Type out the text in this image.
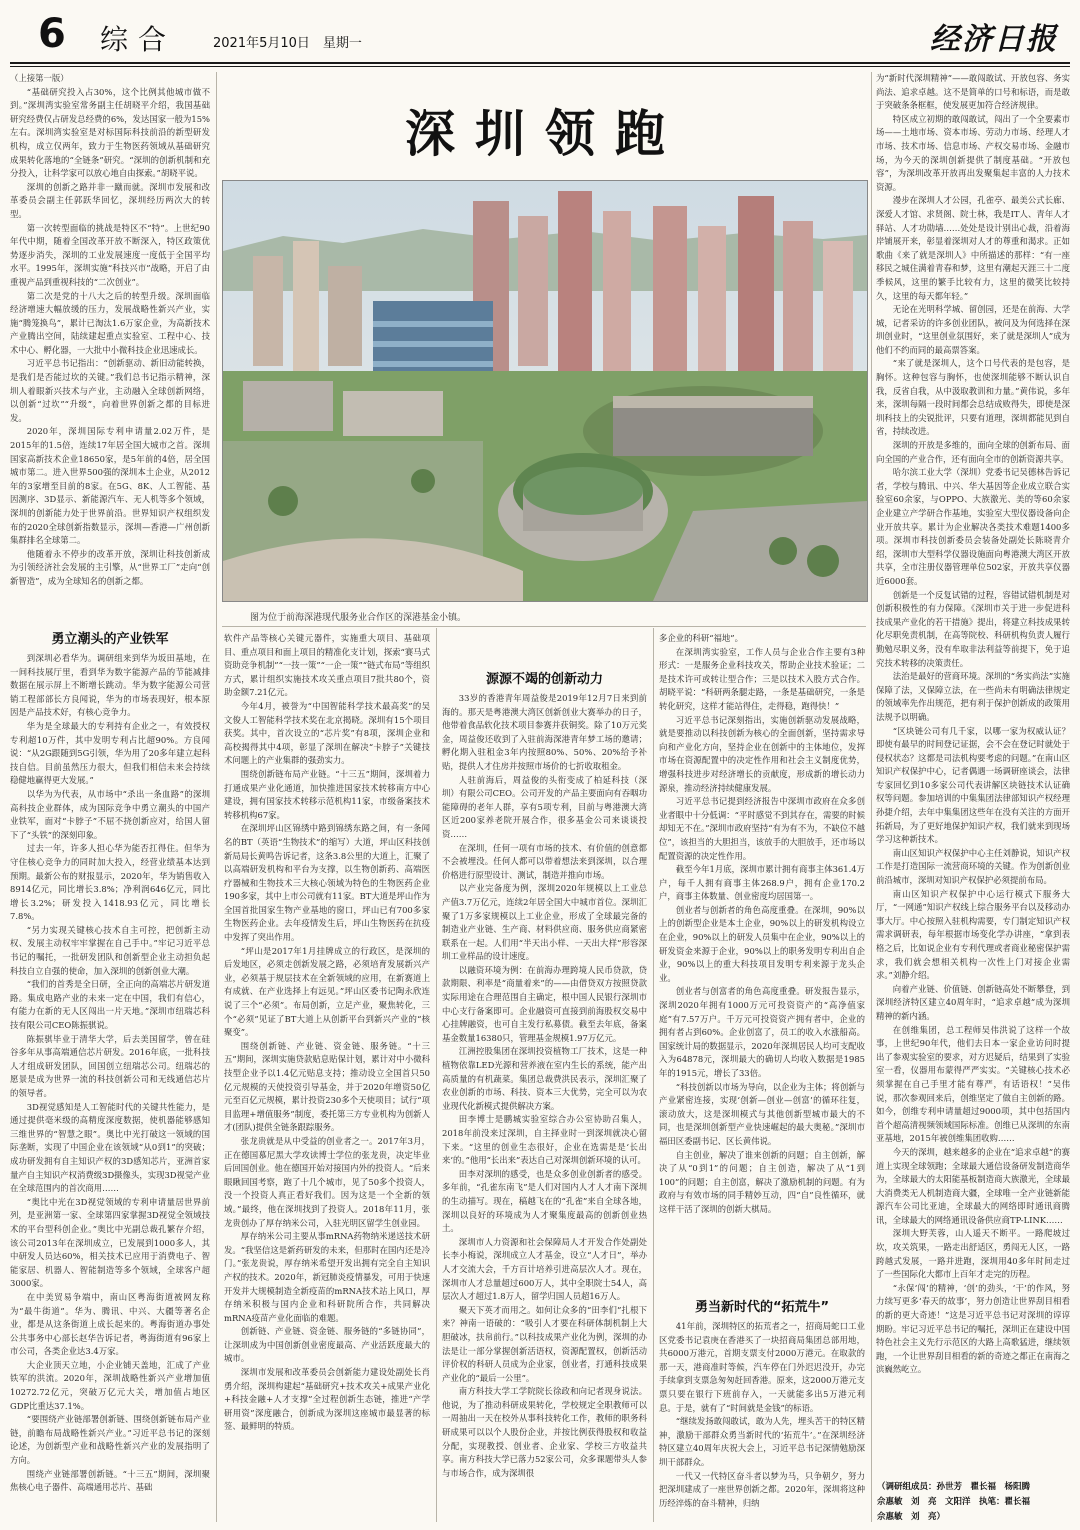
6 综合	2021年5月10日　星期一	经济日报
深圳领跑
图为位于前海深港现代服务业合作区的深港基金小镇。

（上接第一版）

“基础研究投入占30%，这个比例其他城市做不到。”深圳湾实验室常务副主任胡晓平介绍，我国基础研究经费仅占研发总经费的6%，发达国家一般为15%左右。深圳湾实验室是对标国际科技前沿的新型研发机构，成立仅两年，致力于生物医药领域从基础研究成果转化落地的“全链条”研究。“深圳的创新机制和充分投入，让科学家可以放心地自由探索。”胡晓平说。

深圳的创新之路并非一蹴而就。深圳市发展和改革委员会副主任郭跃华回忆，深圳经历两次大的转型。

第一次转型面临的挑战是特区不“特”。上世纪90年代中期，随着全国改革开放不断深入，特区政策优势逐步消失，深圳的工业发展速度一度低于全国平均水平。1995年，深圳实施“科技兴市”战略，开启了由重视产品到重视科技的“二次创业”。

第二次是党的十八大之后的转型升级。深圳面临经济增速大幅放缓的压力，发展战略性新兴产业，实施“腾笼换鸟”，累计已淘汰1.6万家企业，为高新技术产业腾出空间，陆续建起重点实验室、工程中心、技术中心、孵化器，一大批中小微科技企业迅速成长。

习近平总书记指出：“创新驱动、新旧动能转换，是我们是否能过坎的关键。”我们总书记指示精神，深圳人着眼新兴技术与产业，主动融入全球创新网络，以创新“过坎”“升级”，向着世界创新之都的目标进发。

2020年，深圳国际专利申请量2.02万件，是2015年的1.5倍，连续17年居全国大城市之首。深圳国家高新技术企业18650家，是5年前的4倍，居全国城市第二。进入世界500强的深圳本土企业，从2012年的3家增至目前的8家。在5G、8K、人工智能、基因测序、3D显示、新能源汽车、无人机等多个领域，深圳的创新能力处于世界前沿。世界知识产权组织发布的2020全球创新指数显示，深圳—香港—广州创新集群排名全球第二。

他随着永不停步的改革开放，深圳让科技创新成为引领经济社会发展的主引擎，从“世界工厂”走向“创新智造”，成为全球知名的创新之都。

为“新时代深圳精神”——敢闯敢试、开放包容、务实尚法、追求卓越。这不是简单的口号和标语，而是敢于突破条条框框，使发展更加符合经济规律。

特区成立初期的敢闯敢试，闯出了一个全要素市场——土地市场、资本市场、劳动力市场、经理人才市场、技术市场、信息市场、产权交易市场、金融市场，为今天的深圳创新提供了制度基础。“开放包容”，为深圳改革开放再出发聚集起丰富的人力技术资源。

漫步在深圳人才公园，孔雀亭、最美公式长廊、深爱人才馆、求贤阁、院士林，我是IT人、青年人才驿站、人才功勋墙……处处是设计别出心裁，沿着海岸铺展开来，彰显着深圳对人才的尊重和渴求。正如歌曲《来了就是深圳人》中所描述的那样：“有一座移民之城住满着青春和梦，这里有潮起天涯三十二度季候风，这里的繁手比较有力，这里的微笑比较持久，这里的每天都年轻。”

无论在光明科学城、留创园，还是在前海、大学城，记者采访的许多创业团队，被问及为何选择在深圳创业时，“这里创业氛围好，来了就是深圳人”成为他们不约而同的最高票答案。

“来了就是深圳人，这个口号代表的是包容，是胸怀。这种包容与胸怀，也使深圳能够不断认识自我，反省自我，从中汲取教训和力量。”黄伟说，多年来，深圳每隔一段时间都会总结成败得失，即使是深圳科技上的尖锐批评，只要有道理，深圳都能见到自省，持续改进。

深圳的开放是多维的，面向全球的创新布局、面向全国的产业合作，还有面向全市的创新资源共享。

哈尔滨工业大学（深圳）党委书记吴德林告诉记者，学校与腾讯、中兴、华大基因等企业成立联合实验室60余家，与OPPO、大族激光、美的等60余家企业建立产学研合作基地，实验室大型仪器设备向企业开放共享。累计为企业解决各类技术难题1400多项。深圳市科技创新委员会装备处副处长陈晓青介绍，深圳市大型科学仪器设施面向粤港澳大湾区开放共享，全市注册仪器管理单位502家，开放共享仪器近6000套。

创新是一个反复试错的过程，容错试错机制是对创新积极性的有力保障。《深圳市关于进一步促进科技成果产业化的若干措施》提出，将建立科技成果转化尽职免责机制，在高等院校、科研机构负责人履行勤勉尽职义务，没有牟取非法利益等前提下，免于追究技术转移的决策责任。

法治是最好的营商环境。深圳的“务实尚法”实施保障了法，又保障立法，在一些尚未有明确法律规定的领域率先作出规范，把有利于保护创新成的政策用法规予以明确。

“区块链公司有几千家，以哪一家为权威认证？即使有最早的时间登记证据，会不会在登记时就处于侵权状态？这都是司法机构要考虑的问题。”在南山区知识产权保护中心，记者偶遇一场调研座谈会，法律专家回忆到10多家公司代表讲解区块链技术认证确权等问题。参加培训的中集集团法律部知识产权经理孙捷介绍，去年中集集团这些年在没有关注的方面开拓新局，为了更好地保护知识产权，我们就来到现场学习这种新技术。

南山区知识产权保护中心主任刘静说，知识产权工作是打造国际一流营商环境的关键。作为创新创业前沿城市，深圳对知识产权保护必须提前布局。

南山区知识产权保护中心运行模式下服务大厅，“一网通”知识产权线上综合服务平台以及移动办事大厅。中心按照入驻机构需要，专门制定知识产权需求调研表，每年根据市场变化学办讲座，“拿到表格之后，比如说企业有专利代理或者商业秘密保护需求，我们就会想相关机构一次性上门对接企业需求。”刘静介绍。

向着产业链、价值链、创新链高处不断攀登，到深圳经济特区建立40周年时，“追求卓越”成为深圳精神的新内涵。

在创维集团，总工程师吴伟洪说了这样一个故事，上世纪90年代，他们去日本一家企业访问时提出了参观实验室的要求，对方迟疑后，结果到了实验室一看，仪器用布蒙得严严实实。“关键核心技术必须掌握在自己手里才能有尊严，有话语权！”吴伟说，那次参观回来后，创维坚定了做自主创新的路。如今，创维专利申请量超过9000项，其中包括国内首个超高清视频领域国际标准。创维已从深圳的东南亚基地，2015年被创维集团收购……

今天的深圳，越来越多的企业在“追求卓越”的赛道上实现全球领跑；全球最大通信设备研发制造商华为，全球最大的太阳能基板制造商大族激光，全球最大消费类无人机制造商大疆，全球唯一全产业链新能源汽车公司比亚迪，全球最大的网络即时通讯商腾讯，全球最大的网络通讯设备供应商TP-LINK……

深圳大野芙蓉，山人遥天不断平。一路爬坡过坎，攻关筑果，一路走出舒适区，勇闯无人区，一路跨越式发展，一路并进跑，深圳用40多年时间走过了一些国际化大都市上百年才走完的历程。

“永保‘闯’的精神，‘创’的劲头，‘干’的作风，努力续写更多‘春天的故事’，努力创造让世界刮目相看的新的更大奇迹！”这是习近平总书记对深圳的谆谆期盼。牢记习近平总书记的嘱托，深圳正在建设中国特色社会主义先行示范区的大路上高歌猛进，继续领跑，一个让世界刮目相看的新的奇迹之都正在南海之滨巍然屹立。

勇立潮头的产业铁军

到深圳必看华为。调研组来到华为坂田基地，在一间科技展厅里，看到华为数字能源产品的节能减排数据在展示屏上不断增长跳动。华为数字能源公司营销工程部部长方良闻说，华为的市场表现好，根本原因是产品技术好，有核心竞争力。

华为是全球最大的专利持有企业之一，有效授权专利超10万件，其中发明专利占比超90%。方良闻说：“从2G跟随到5G引领，华为用了20多年建立起科技自信。目前虽然压力很大，但我们相信未来会持续稳健地赢得更大发展。”

以华为为代表，从市场中“杀出一条血路”的深圳高科技企业群体，成为国际竞争中勇立潮头的中国产业铁军，面对“卡脖子”不屈不挠创新应对，给国人留下了“头铁”的深刻印象。

过去一年，许多人担心华为能否扛得住。但华为守住核心竞争力的同时加大投入，经营业绩基本达到预期。最新公布的财报显示，2020年，华为销售收入8914亿元，同比增长3.8%；净利润646亿元，同比增长3.2%；研发投入1418.93亿元，同比增长7.8%。

“另力实现关键核心技术自主可控，把创新主动权、发展主动权牢牢掌握在自己手中。”牢记习近平总书记的嘱托，一批研发团队和创新型企业主动担负起科技自立自强的使命，加入深圳的创新创业大潮。

“我们的首秀是全日研，全正向的高端芯片研发道路。集成电路产业的未来一定在中国，我们有信心，有能力在新的无人区闯出一片天地。”深圳市纽瑞芯科技有限公司CEO陈振骐说。

陈振骐毕业于清华大学，后去美国留学，曾在硅谷多年从事高端通信芯片研发。2016年底，一批科技人才组成研发团队，回国创立纽瑞芯公司。纽瑞芯的愿景是成为世界一流的科技创新公司和无线通信芯片的领导者。

3D视觉感知是人工智能时代的关键共性能力，是通过提供毫米级的高精度深度数据，使机器能够感知三维世界的“智慧之眼”。奥比中光打破这一领域的国际垄断，实现了中国企业在该领域“从0到1”的突破；成功研发拥有自主知识产权的3D感知芯片，亚洲首家量产自主知识产权消费级3D摄像头，实现3D视觉产业在全球范围内的首次商用……

“奥比中光在3D视觉领域的专利申请量居世界前列，是亚洲第一家、全球第四家掌握3D视觉全领域技术的平台型科创企业。”奥比中光副总裁孔繁存介绍，该公司2013年在深圳成立，已发展到1000多人，其中研发人员达60%，相关技术已应用于消费电子、智能家居、机器人、智能制造等多个领域，全球客户超3000家。

在中美贸易争端中，南山区粤海街道被网友称为“最牛街道”。华为、腾讯、中兴、大疆等著名企业，都是从这条街道上成长起来的。粤海街道办事处公共事务中心部长赵华告诉记者，粤海街道有96家上市公司，各类企业达3.4万家。

大企业顶天立地，小企业铺天盖地，汇成了产业铁军的洪流。2020年，深圳战略性新兴产业增加值10272.72亿元，突破万亿元大关，增加值占地区GDP比重达37.1%。

“要围绕产业链部署创新链、围绕创新链布局产业链，前瞻布局战略性新兴产业。”习近平总书记的深刻论述，为创新型产业和战略性新兴产业的发展指明了方向。

围绕产业链部署创新链。“十三五”期间，深圳聚焦核心电子器件、高端通用芯片、基础

软件产品等核心关键元器件，实施重大项目、基础项目、重点项目和面上项目的精准化支计划，探索“赛马式资助竞争机制”“一技一策”“一企一策”“链式布局”等组织方式，累计组织实施技术攻关重点项目7批共80个，资助金额7.21亿元。

今年4月，被誉为“中国智能科学技术最高奖”的吴文俊人工智能科学技术奖在北京揭晓。深圳有15个项目获奖。其中，首次设立的“芯片奖”有8项，深圳企业和高校揭得其中4项，彰显了深圳在解决“卡脖子”关键技术问题上的产业集群的强劲实力。

围绕创新链布局产业链。“十三五”期间，深圳着力打通成果产业化通道，加快推进国家技术转移南方中心建设，拥有国家技术转移示范机构11家，市级备案技术转移机构67家。

在深圳坪山区锦绣中路到锦绣东路之间，有一条闻名的BT（英语“生物技术”的缩写）大道，坪山区科技创新局局长黄鸣告诉记者，这条3.8公里的大道上，汇聚了以高端研发机构和平台为支撑，以生物创新药、高端医疗器械和生物技术三大核心领域为特色的生物医药企业190多家，其中上市公司就有11家。BT大道是坪山作为全国首批国家生物产业基地的窗口，坪山已有700多家生物医药企业。去年疫情发生后，坪山生物医药在抗疫中发挥了突出作用。

“坪山是2017年1月挂牌成立的行政区，是深圳的后发地区，必须走创新发展之路，必须培育发展新兴产业，必须基于规层技术在全新领域的应用，在新赛道上有成就、在产业选择上有远见。”坪山区委书记陶永欣连说了三个“必须”。布局创新，立足产业，聚焦转化，三个“必须”见证了BT大道上从创新平台到新兴产业的“核聚变”。

围绕创新链、产业链、资金链、服务链。“十三五”期间，深圳实施贷款贴息贴保计划，累计对中小微科技型企业予以1.4亿元贴息支持；推动设立全国首只50亿元规模的天使投资引导基金，并于2020年增资50亿元至百亿元规模，累计投资230多个天使项目；试行“项目监理+增值服务”制度，委托第三方专业机构为创新人才(团队)提供全链条跟踪服务。

张龙贵就是从中受益的创业者之一。2017年3月，正在德国慕尼黑大学攻读博士学位的张龙贵，决定毕业后回国创业。他在德国开始对接国内外的投资人。“后来眼瞅回国考察，跑了十几个城市，见了50多个投资人，没一个投资人真正看好我们。因为这是一个全新的领域。”最终，他在深圳找到了投资人。2018年11月，张龙贵创办了厚存纳米公司，入驻光明区留学生创业园。

厚存纳米公司主要从事mRNA药物纳米递送技术研发。“我坚信这是新药研发的未来，但那时在国内还是冷门。”张龙贵说，厚存纳米希望开发出拥有完全自主知识产权的技术。2020年，新冠肺炎疫情暴发，可用于快速开发并大规模制造全新疫苗的mRNA技术站上风口，厚存纳米积极与国内企业和科研院所合作，共同解决mRNA疫苗产业化面临的难题。

创新链、产业链、资金链、服务链的“多链协同”，让深圳成为中国创新创业密度最高、产业活跃度最大的城市。

深圳市发展和改革委员会创新能力建设处副处长肖勇介绍，深圳构建起“基础研究+技术攻关+成果产业化+科技金融+人才支撑”全过程创新生态链，推进“产学研用资”深度融合，创新成为深圳这座城市最显著的标签、最鲜明的特质。

源源不竭的创新动力

33岁的香港青年周益俊是2019年12月7日来到前海的。那天是粤港澳大湾区创新创业大赛举办的日子，他带着食品软化技术项目参赛并获铜奖。除了10万元奖金，周益俊还收到了入驻前海深港青年梦工场的邀请；孵化期入驻租金3年内按照80%、50%、20%给予补贴，提供人才住房并按照市场价的七折收取租金。

人驻前海后，周益俊的头衔变成了柏延科技（深圳）有限公司CEO。公司开发的产品主要面向有吞咽功能障碍的老年人群，享有5项专利，目前与粤港澳大湾区近200家养老院开展合作，很多基金公司来谈谈投资……

在深圳，任何一项有市场的技术、有价值的创意都不会被埋没。任何人都可以带着想法来到深圳，以合理价格进行原型设计、测试，制造并推向市场。

以产业完备度为例，深圳2020年规模以上工业总产值3.7万亿元，连续2年居全国大中城市首位。深圳汇聚了1万多家规模以上工业企业，形成了全球最完备的制造业产业链、生产商、材料供应商、服务供应商紧密联系在一起。人们用“半天出小样、一天出大样”形容深圳工业样品的设计速度。

以融资环境为例：在前海办理跨境人民币贷款，贷款期限、利率是“商量着来”的——由借贷双方按照贷款实际用途在合理范围自主确定，根中国人民银行深圳市中心支行备案即可。企业融资可直接到前海股权交易中心挂牌融资，也可自主发行私募债。截至去年底，备案基金数量16380只，管理基金规模1.97万亿元。

江洲控股集团在深圳投资植物工厂技术，这是一种植物依靠LED光源和营养液在室内生长的系统，能产出高质量的有机蔬菜。集团总裁费洪民表示，深圳汇聚了农业创新的市场、科技、资本三大优势，完全可以为农业现代化新模式提供解决方案。

田李博士是鹏城实验室综合办公室协助召集人，2018年前没来过深圳，自主择业时一到深圳就决心留下来。“这里的创业生态很好，企业在选需是是‘长出来’的。”他用“长出来”表达自己对深圳创新环境的认可。

田李对深圳的感受，也是众多创业创新者的感受。多年前，“孔雀东南飞”是人们对国内人才人才南下深圳的生动描写。现在，稿越飞在的“孔雀”来自全球各地，深圳以良好的环境成为人才聚集度最高的创新创业热土。

深圳市人力资源和社会保障局人才开发合作处副处长李小梅说，深圳成立人才基金，设立“人才日”，举办人才交流大会，千方百计培养引进高层次人才。现在，深圳市人才总量超过600万人，其中全职院士54人，高层次人才超过1.8万人，留学归国人员超16万人。

聚天下英才而用之。如何让众多的“田李们”扎根下来？神南一语破的：“吸引人才要在科研体制机制上大胆破冰，扶帛前行。”以科技成果产业化为例，深圳的办法是让一部分掌握创新活语权，资源配置权，创新活动评价权的科研人员成为企业家，创业者，打通科技成果产业化的“最后一公里”。

南方科技大学工学院院长徐政和向记者现身说法。他说，为了推动科研成果转化，学校规定全职教师可以一周抽出一天在校外从事科技转化工作，教师的职务科研成果可以以个人股份企业，并按比例获得股权和收益分配，实现教授、创业者、企业家、学校三方收益共享。南方科技大学已落力52家公司，众多课题带头人参与市场合作，成为深圳很

多企业的科研“福地”。

在深圳湾实验室，工作人员与企业合作主要有3种形式：一是服务企业科技攻关，帮助企业技术验证；二是技术许可或转让型合作；三是以技术入股方式合作。胡晓平说：“科研两条腿走路，一条是基础研究，一条是转化研究，这样才能站得住，走得稳，跑得快！”

习近平总书记深刻指出，实施创新驱动发展战略，就是要推动以科技创新为核心的全面创新，坚持需求导向和产业化方向，坚持企业在创新中的主体地位，发挥市场在资源配置中的决定性作用和社会主义制度优势，增强科技进步对经济增长的贡献度，形成新的增长动力源泉，推动经济持续健康发展。

习近平总书记提到经济报告中深圳市政府在众多创业者眼中十分低调：“平时感觉不到其存在，需要的时候却知无不在。”深圳市政府坚持“有为有不为，不缺位不越位”，该担当的大胆担当，该放手的大胆放手，还市场以配置资源的决定性作用。

截至今年1月底，深圳市累计拥有商事主体361.4万户，每千人拥有商事主体268.9户，拥有企业170.2户，商事主体数量、创业密度均居国第一。

创业者与创新者的角色高度重叠。在深圳，90%以上的创新型企业是本土企业，90%以上的研发机构设立在企业，90%以上的研发人员集中在企业，90%以上的研发资金来源于企业，90%以上的职务发明专利出自企业，90%以上的重大科技项目发明专利来源于龙头企业。

创业者与创富者的角色高度重叠。研发报告显示，深圳2020年拥有1000万元可投资资产的“高净值家庭”有7.57万户。千万元可投资资产拥有者中，企业的拥有者占到60%。企业创富了，员工的收入水涨船高。国家统计局的数据显示，2020年深圳居民人均可支配收入为64878元，深圳最大的确切人均收入数据是1985年的1915元，增长了33倍。

“科技创新以市场为导向，以企业为主体；将创新与产业紧密连接，实现‘创新—创业—创富’的循环往复，滚动放大，这是深圳模式与其他创新型城市最大的不同，也是深圳创新型产业快速崛起的最大奥秘。”深圳市福田区委副书记、区长黄伟说。

自主创业，解决了谁来创新的问题；自主创新，解决了从“0到1”的问题；自主创造，解决了从“1到100”的问题；自主创富，解决了激励机制的问题。有为政府与有效市场的同手精妙互动，四“自”良性循环，就这样干活了深圳的创新大棋局。

勇当新时代的“拓荒牛”

41年前，深圳特区的拓荒者之一，招商局蛇口工业区党委书记袁庚在香港买了一块招商局集团总部用地，共6000万港元，首期支票支付2000万港元。在取款的那一天，港商准时等候，汽车停在门外迟迟没开，办完手续拿到支票急匆匆赶回香港。原来，这2000万港元支票只要在银行下班前存入，一天就能多出5万港元利息。于是，就有了“时间就是金钱”的标语。

“继续发扬敢闯敢试，敢为人先，埋头苦干的特区精神，激励干部群众勇当新时代的‘拓荒牛’。”在深圳经济特区建立40周年庆祝大会上，习近平总书记深情勉励深圳干部群众。

一代又一代特区奋斗者以梦为马，只争朝夕，努力把深圳建成了一座世界创新之都。2020年，深圳将这种历经淬炼的奋斗精神，归纳

（调研组成员：孙世芳　瞿长福　杨阳腾
佘惠敏　刘　亮　文阳洋　执笔：瞿长福
佘惠敏　刘　亮）
